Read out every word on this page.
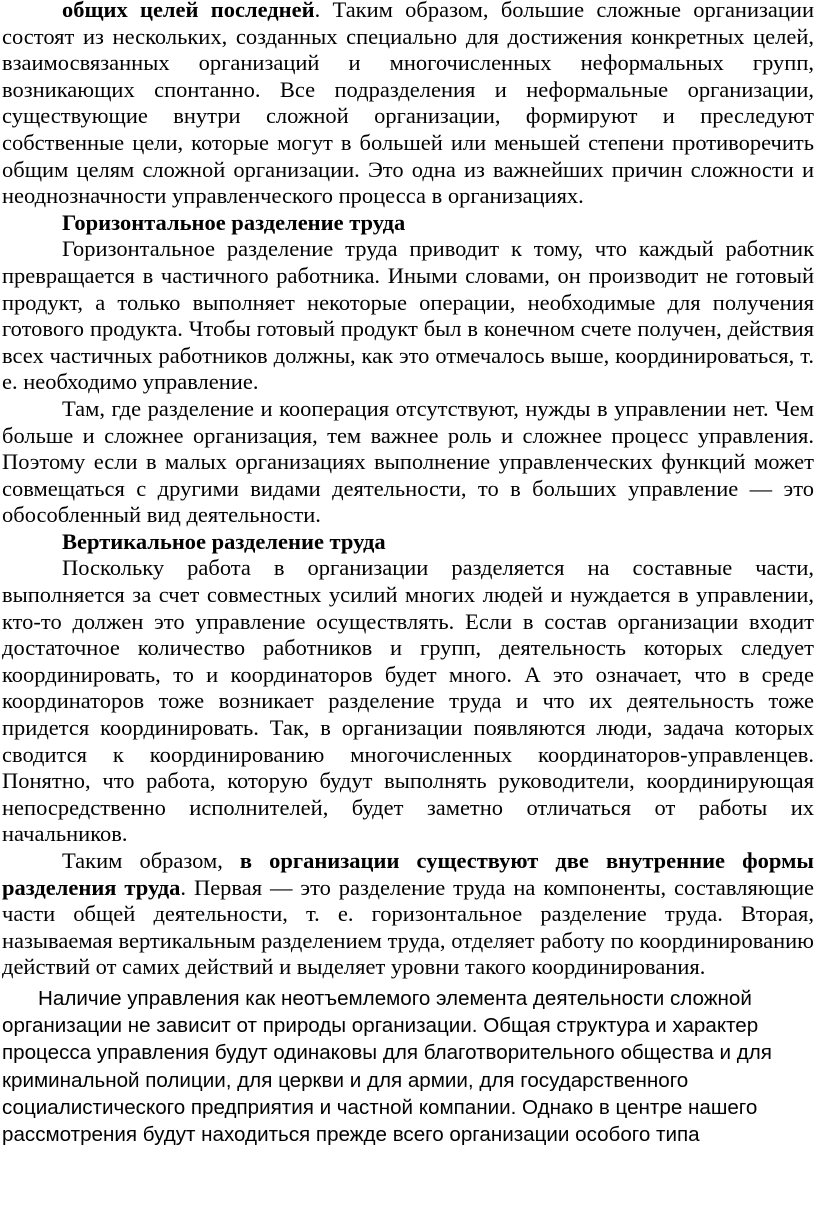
общих целей последней. Таким образом, большие сложные организации состоят из нескольких, созданных специально для достижения конкретных целей, взаимосвязанных организаций и многочисленных неформальных групп, возникающих спонтанно. Все подразделения и неформальные организации, существующие внутри сложной организации, формируют и преследуют собственные цели, которые могут в большей или меньшей степени противоречить общим целям сложной организации. Это одна из важнейших причин сложности и неоднозначности управленческого процесса в организациях.

Горизонтальное разделение труда

Горизонтальное разделение труда приводит к тому, что каждый работник превращается в частичного работника. Иными словами, он производит не готовый продукт, а только выполняет некоторые операции, необходимые для получения готового продукта. Чтобы готовый продукт был в конечном счете получен, действия всех частичных работников должны, как это отмечалось выше, координироваться, т. е. необходимо управление.

Там, где разделение и кооперация отсутствуют, нужды в управлении нет. Чем больше и сложнее организация, тем важнее роль и сложнее процесс управления. Поэтому если в малых организациях выполнение управленческих функций может совмещаться с другими видами деятельности, то в больших управление — это обособленный вид деятельности.

Вертикальное разделение труда

Поскольку работа в организации разделяется на составные части, выполняется за счет совместных усилий многих людей и нуждается в управлении, кто-то должен это управление осуществлять. Если в состав организации входит достаточное количество работников и групп, деятельность которых следует координировать, то и координаторов будет много. А это означает, что в среде координаторов тоже возникает разделение труда и что их деятельность тоже придется координировать. Так, в организации появляются люди, задача которых сводится к координированию многочисленных координаторов-управленцев. Понятно, что работа, которую будут выполнять руководители, координирующая непосредственно исполнителей, будет заметно отличаться от работы их начальников.

Таким образом, в организации существуют две внутренние формы разделения труда. Первая — это разделение труда на компоненты, составляющие части общей деятельности, т. е. горизонтальное разделение труда. Вторая, называемая вертикальным разделением труда, отделяет работу по координированию действий от самих действий и выделяет уровни такого координирования.

Наличие управления как неотъемлемого элемента деятельности сложной организации не зависит от природы организации. Общая структура и характер процесса управления будут одинаковы для благотворительного общества и для криминальной полиции, для церкви и для армии, для государственного социалистического предприятия и частной компании. Однако в центре нашего рассмотрения будут находиться прежде всего организации особого типа
